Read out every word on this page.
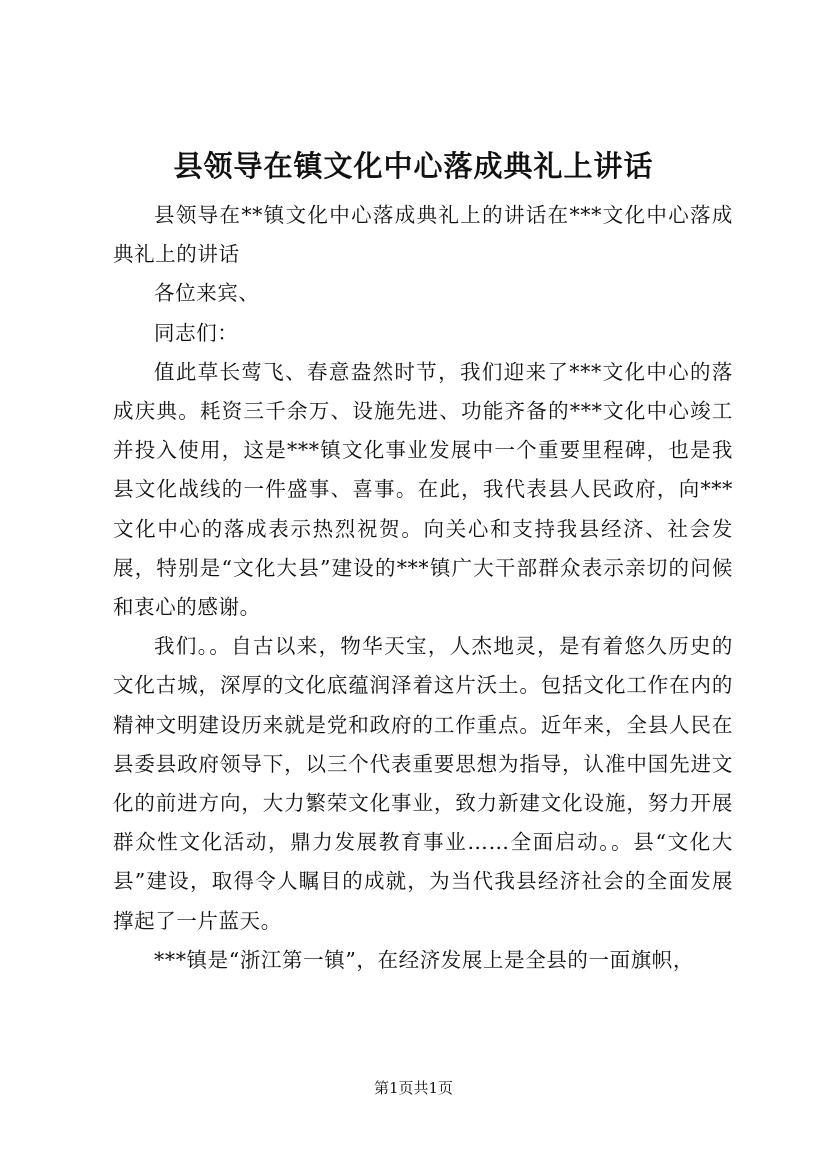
县领导在镇文化中心落成典礼上讲话

县领导在**镇文化中心落成典礼上的讲话在***文化中心落成典礼上的讲话

各位来宾、

同志们：

值此草长莺飞、春意盎然时节，我们迎来了***文化中心的落成庆典。耗资三千余万、设施先进、功能齐备的***文化中心竣工并投入使用，这是***镇文化事业发展中一个重要里程碑，也是我县文化战线的一件盛事、喜事。在此，我代表县人民政府，向***文化中心的落成表示热烈祝贺。向关心和支持我县经济、社会发展，特别是“文化大县”建设的***镇广大干部群众表示亲切的问候和衷心的感谢。

我们。。自古以来，物华天宝，人杰地灵，是有着悠久历史的文化古城，深厚的文化底蕴润泽着这片沃土。包括文化工作在内的精神文明建设历来就是党和政府的工作重点。近年来，全县人民在县委县政府领导下，以三个代表重要思想为指导，认准中国先进文化的前进方向，大力繁荣文化事业，致力新建文化设施，努力开展群众性文化活动，鼎力发展教育事业……全面启动。。县“文化大县”建设，取得令人瞩目的成就，为当代我县经济社会的全面发展撑起了一片蓝天。

***镇是“浙江第一镇”，在经济发展上是全县的一面旗帜，

第1页共1页
